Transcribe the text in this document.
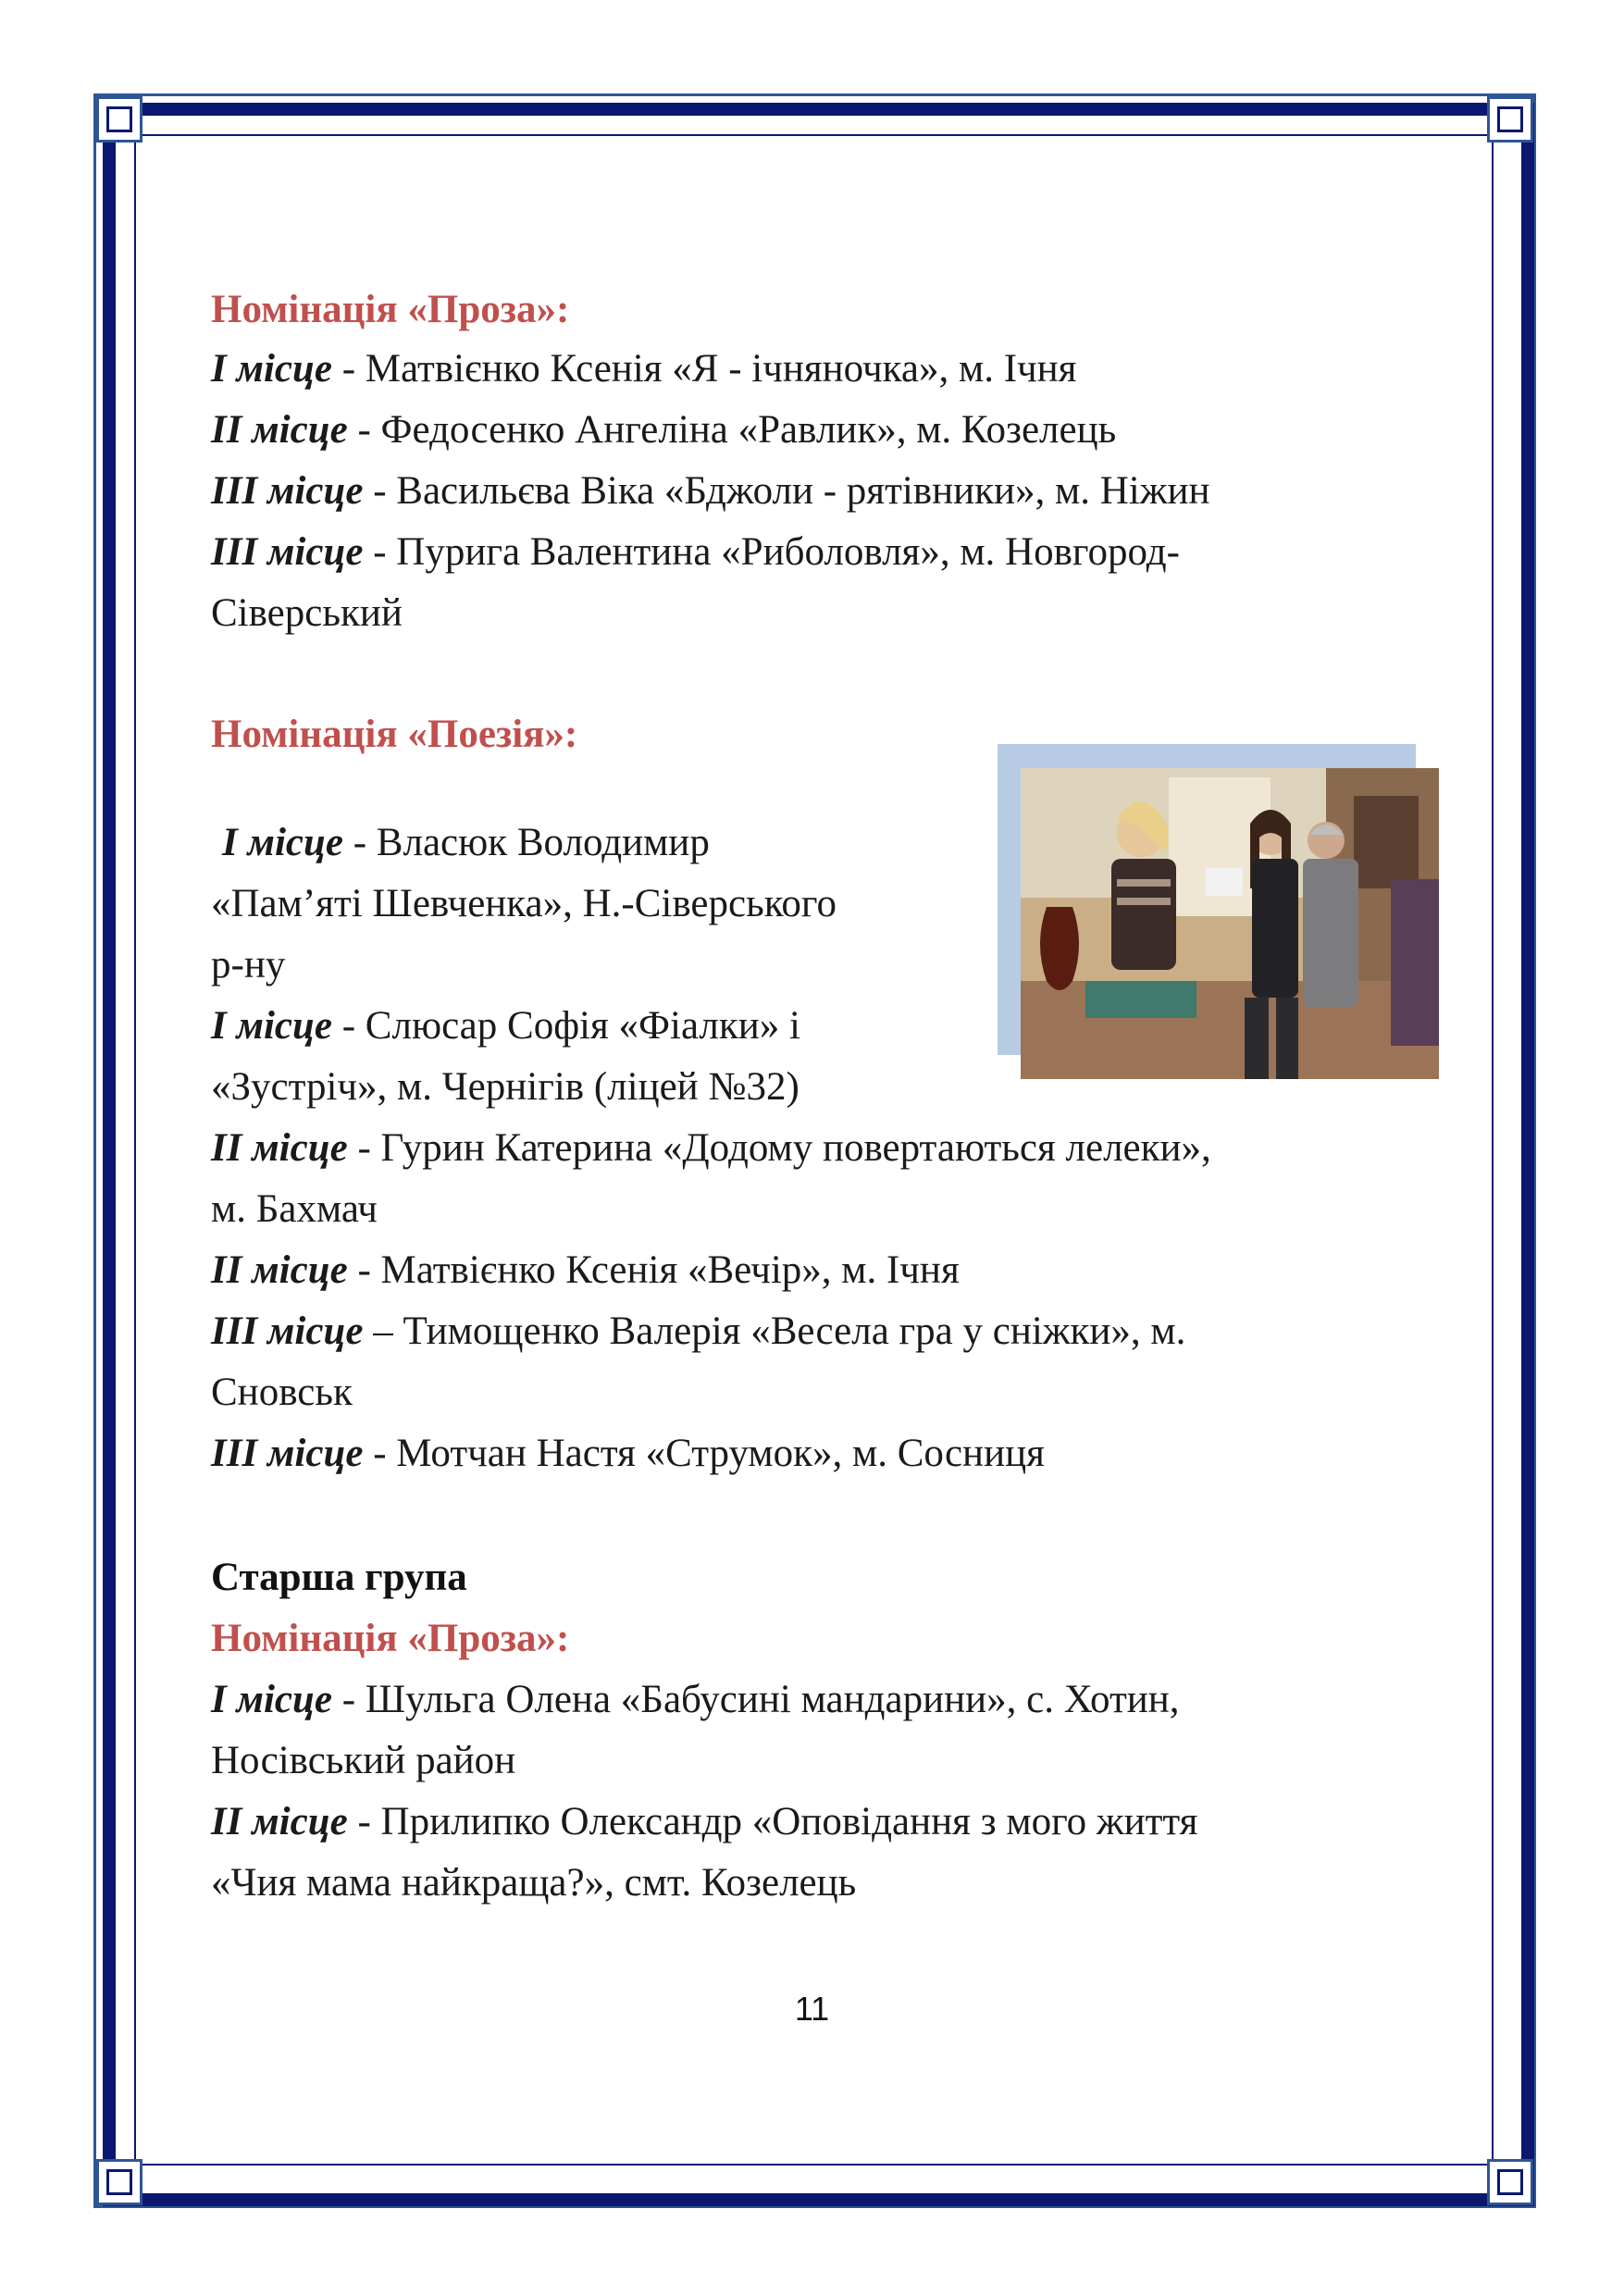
Номінація «Проза»:
I місце - Матвієнко Ксенія «Я - ічняночка», м. Ічня
II місце - Федосенко Ангеліна «Равлик», м. Козелець
III місце - Васильєва Віка «Бджоли - рятівники», м. Ніжин
III місце - Пурига Валентина «Риболовля», м. Новгород-
Сіверський
Номінація «Поезія»:
I місце - Власюк Володимир
«Пам’яті Шевченка», Н.-Сіверського
р-ну
I місце - Слюсар Софія «Фіалки» і
«Зустріч», м. Чернігів (ліцей №32)
II місце - Гурин Катерина «Додому повертаються лелеки»,
м. Бахмач
II місце - Матвієнко Ксенія «Вечір», м. Ічня
III місце – Тимощенко Валерія «Весела гра у сніжки», м.
Сновськ
III місце - Мотчан Настя «Струмок», м. Сосниця
Старша група
Номінація «Проза»:
I місце - Шульга Олена «Бабусині мандарини», с. Хотин,
Носівський район
II місце - Прилипко Олександр «Оповідання з мого життя
«Чия мама найкраща?», смт. Козелець
11
